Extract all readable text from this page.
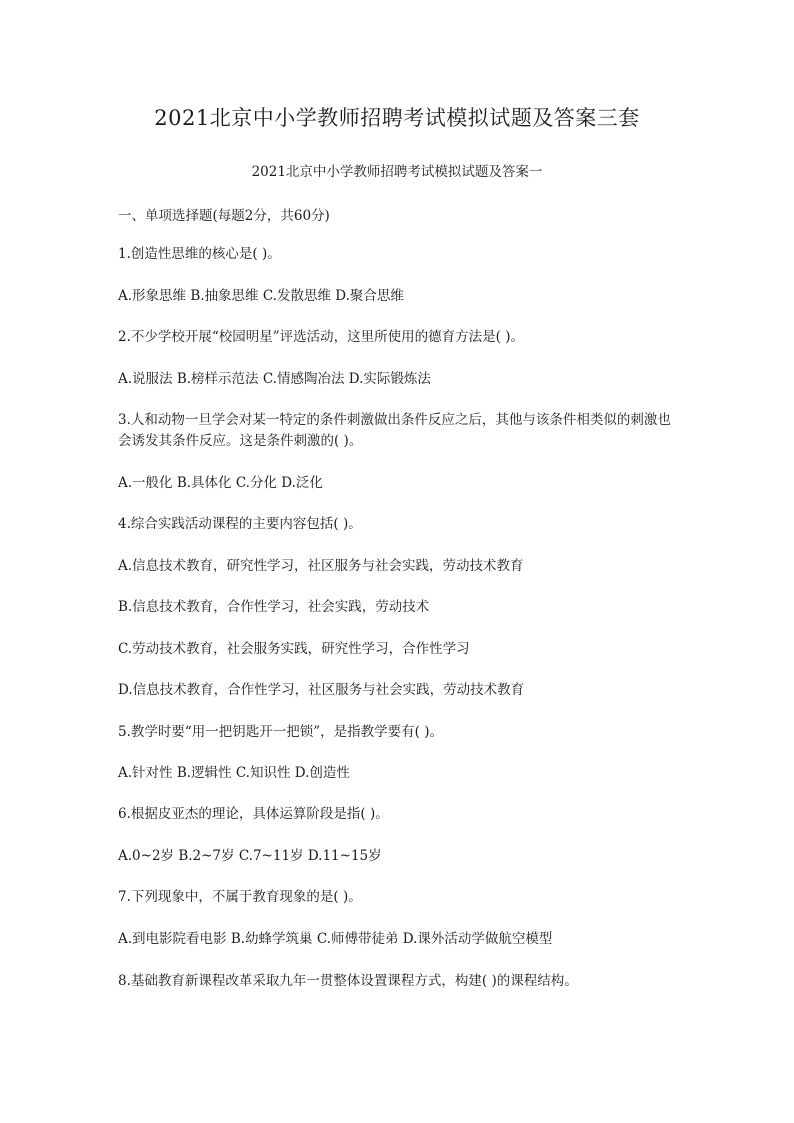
2021北京中小学教师招聘考试模拟试题及答案三套
2021北京中小学教师招聘考试模拟试题及答案一
一、单项选择题(每题2分，共60分)
1.创造性思维的核心是( )。
A.形象思维 B.抽象思维 C.发散思维 D.聚合思维
2.不少学校开展“校园明星”评选活动，这里所使用的德育方法是( )。
A.说服法 B.榜样示范法 C.情感陶冶法 D.实际锻炼法
3.人和动物一旦学会对某一特定的条件刺激做出条件反应之后，其他与该条件相类似的刺激也会诱发其条件反应。这是条件刺激的( )。
A.一般化 B.具体化 C.分化 D.泛化
4.综合实践活动课程的主要内容包括( )。
A.信息技术教育，研究性学习，社区服务与社会实践，劳动技术教育
B.信息技术教育，合作性学习，社会实践，劳动技术
C.劳动技术教育，社会服务实践，研究性学习，合作性学习
D.信息技术教育，合作性学习，社区服务与社会实践，劳动技术教育
5.教学时要“用一把钥匙开一把锁”，是指教学要有( )。
A.针对性 B.逻辑性 C.知识性 D.创造性
6.根据皮亚杰的理论，具体运算阶段是指( )。
A.0~2岁 B.2~7岁 C.7~11岁 D.11~15岁
7.下列现象中，不属于教育现象的是( )。
A.到电影院看电影 B.幼蜂学筑巢 C.师傅带徒弟 D.课外活动学做航空模型
8.基础教育新课程改革采取九年一贯整体设置课程方式，构建( )的课程结构。
